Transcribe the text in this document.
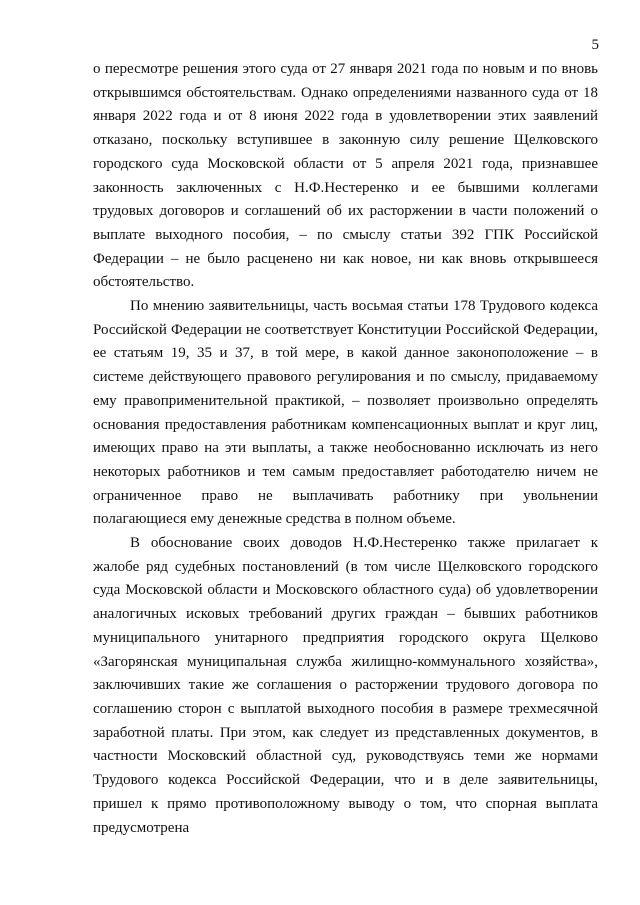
5

о пересмотре решения этого суда от 27 января 2021 года по новым и по вновь открывшимся обстоятельствам. Однако определениями названного суда от 18 января 2022 года и от 8 июня 2022 года в удовлетворении этих заявлений отказано, поскольку вступившее в законную силу решение Щелковского городского суда Московской области от 5 апреля 2021 года, признавшее законность заключенных с Н.Ф.Нестеренко и ее бывшими коллегами трудовых договоров и соглашений об их расторжении в части положений о выплате выходного пособия, – по смыслу статьи 392 ГПК Российской Федерации – не было расценено ни как новое, ни как вновь открывшееся обстоятельство.

По мнению заявительницы, часть восьмая статьи 178 Трудового кодекса Российской Федерации не соответствует Конституции Российской Федерации, ее статьям 19, 35 и 37, в той мере, в какой данное законоположение – в системе действующего правового регулирования и по смыслу, придаваемому ему правоприменительной практикой, – позволяет произвольно определять основания предоставления работникам компенсационных выплат и круг лиц, имеющих право на эти выплаты, а также необоснованно исключать из него некоторых работников и тем самым предоставляет работодателю ничем не ограниченное право не выплачивать работнику при увольнении полагающиеся ему денежные средства в полном объеме.

В обоснование своих доводов Н.Ф.Нестеренко также прилагает к жалобе ряд судебных постановлений (в том числе Щелковского городского суда Московской области и Московского областного суда) об удовлетворении аналогичных исковых требований других граждан – бывших работников муниципального унитарного предприятия городского округа Щелково «Загорянская муниципальная служба жилищно-коммунального хозяйства», заключивших такие же соглашения о расторжении трудового договора по соглашению сторон с выплатой выходного пособия в размере трехмесячной заработной платы. При этом, как следует из представленных документов, в частности Московский областной суд, руководствуясь теми же нормами Трудового кодекса Российской Федерации, что и в деле заявительницы, пришел к прямо противоположному выводу о том, что спорная выплата предусмотрена
